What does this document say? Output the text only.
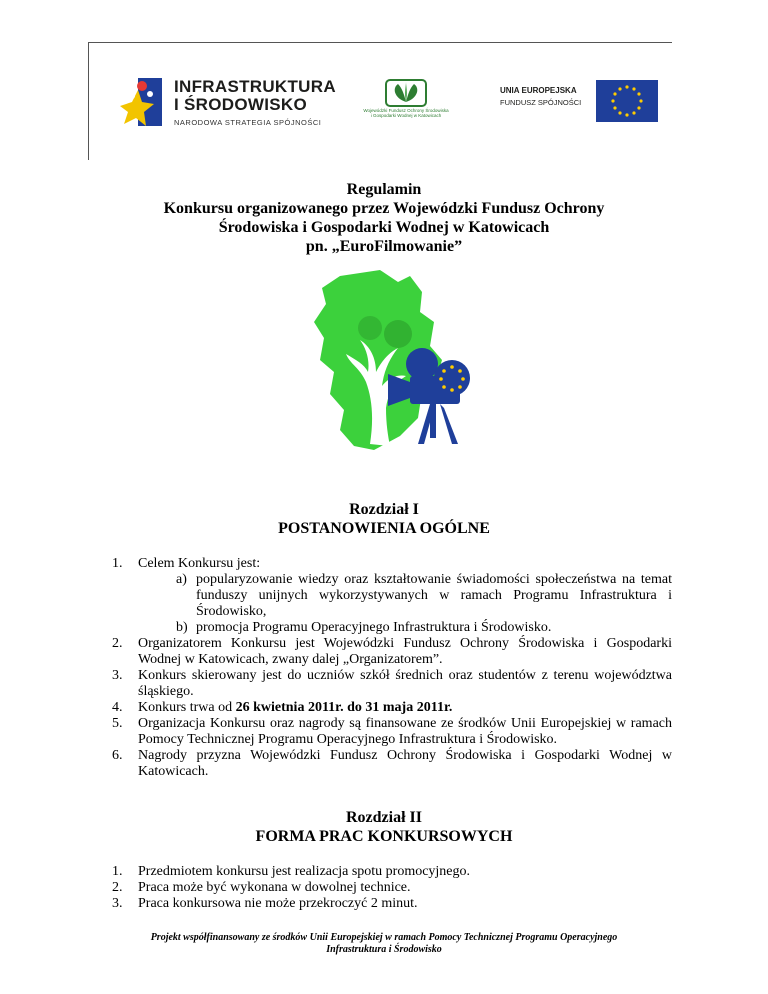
INFRASTRUKTURA
I ŚRODOWISKO
NARODOWA STRATEGIA SPÓJNOŚCI
Wojewódzki Fundusz Ochrony Środowiska
i Gospodarki Wodnej w Katowicach
UNIA EUROPEJSKA
FUNDUSZ SPÓJNOŚCI
Regulamin
Konkursu organizowanego przez Wojewódzki Fundusz Ochrony
Środowiska i Gospodarki Wodnej w Katowicach
pn. „EuroFilmowanie”
Rozdział I
POSTANOWIENIA OGÓLNE
1. Celem Konkursu jest:
a) popularyzowanie wiedzy oraz kształtowanie świadomości społeczeństwa na temat funduszy unijnych wykorzystywanych w ramach Programu Infrastruktura i Środowisko,
b) promocja Programu Operacyjnego Infrastruktura i Środowisko.
2. Organizatorem Konkursu jest Wojewódzki Fundusz Ochrony Środowiska i Gospodarki Wodnej w Katowicach, zwany dalej „Organizatorem”.
3. Konkurs skierowany jest do uczniów szkół średnich oraz studentów z terenu województwa śląskiego.
4. Konkurs trwa od 26 kwietnia 2011r. do 31 maja 2011r.
5. Organizacja Konkursu oraz nagrody są finansowane ze środków Unii Europejskiej w ramach Pomocy Technicznej Programu Operacyjnego Infrastruktura i Środowisko.
6. Nagrody przyzna Wojewódzki Fundusz Ochrony Środowiska i Gospodarki Wodnej w Katowicach.
Rozdział II
FORMA PRAC KONKURSOWYCH
1. Przedmiotem konkursu jest realizacja spotu promocyjnego.
2. Praca może być wykonana w dowolnej technice.
3. Praca konkursowa nie może przekroczyć 2 minut.
Projekt współfinansowany ze środków Unii Europejskiej w ramach Pomocy Technicznej Programu Operacyjnego
Infrastruktura i Środowisko
